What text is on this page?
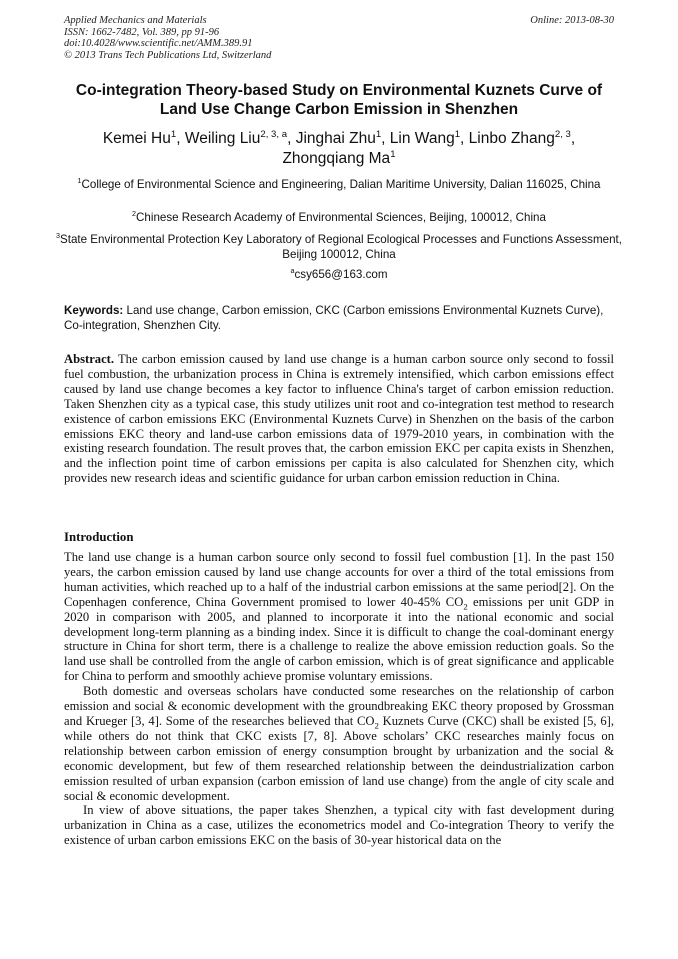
Applied Mechanics and Materials
ISSN: 1662-7482, Vol. 389, pp 91-96
doi:10.4028/www.scientific.net/AMM.389.91
© 2013 Trans Tech Publications Ltd, Switzerland
Online: 2013-08-30
Co-integration Theory-based Study on Environmental Kuznets Curve of
Land Use Change Carbon Emission in Shenzhen
Kemei Hu$^1$, Weiling Liu$^{2, 3, a}$, Jinghai Zhu$^1$, Lin Wang$^1$, Linbo Zhang$^{2, 3}$,
Zhongqiang Ma$^1$
$^1$College of Environmental Science and Engineering, Dalian Maritime University, Dalian 116025, China
$^2$Chinese Research Academy of Environmental Sciences, Beijing, 100012, China
$^3$State Environmental Protection Key Laboratory of Regional Ecological Processes and Functions Assessment, Beijing 100012, China
$^a$csy656@163.com
Keywords: Land use change, Carbon emission, CKC (Carbon emissions Environmental Kuznets Curve), Co-integration, Shenzhen City.
Abstract. The carbon emission caused by land use change is a human carbon source only second to fossil fuel combustion, the urbanization process in China is extremely intensified, which carbon emissions effect caused by land use change becomes a key factor to influence China's target of carbon emission reduction. Taken Shenzhen city as a typical case, this study utilizes unit root and co-integration test method to research existence of carbon emissions EKC (Environmental Kuznets Curve) in Shenzhen on the basis of the carbon emissions EKC theory and land-use carbon emissions data of 1979-2010 years, in combination with the existing research foundation. The result proves that, the carbon emission EKC per capita exists in Shenzhen, and the inflection point time of carbon emissions per capita is also calculated for Shenzhen city, which provides new research ideas and scientific guidance for urban carbon emission reduction in China.
Introduction

The land use change is a human carbon source only second to fossil fuel combustion [1]. In the past 150 years, the carbon emission caused by land use change accounts for over a third of the total emissions from human activities, which reached up to a half of the industrial carbon emissions at the same period[2]. On the Copenhagen conference, China Government promised to lower 40-45% $CO_2$ emissions per unit GDP in 2020 in comparison with 2005, and planned to incorporate it into the national economic and social development long-term planning as a binding index. Since it is difficult to change the coal-dominant energy structure in China for short term, there is a challenge to realize the above emission reduction goals. So the land use shall be controlled from the angle of carbon emission, which is of great significance and applicable for China to perform and smoothly achieve promise voluntary emissions.

Both domestic and overseas scholars have conducted some researches on the relationship of carbon emission and social & economic development with the groundbreaking EKC theory proposed by Grossman and Krueger [3, 4]. Some of the researches believed that $CO_2$ Kuznets Curve (CKC) shall be existed [5, 6], while others do not think that CKC exists [7, 8]. Above scholars’ CKC researches mainly focus on relationship between carbon emission of energy consumption brought by urbanization and the social & economic development, but few of them researched relationship between the deindustrialization carbon emission resulted of urban expansion (carbon emission of land use change) from the angle of city scale and social & economic development.

In view of above situations, the paper takes Shenzhen, a typical city with fast development during urbanization in China as a case, utilizes the econometrics model and Co-integration Theory to verify the existence of urban carbon emissions EKC on the basis of 30-year historical data on the
